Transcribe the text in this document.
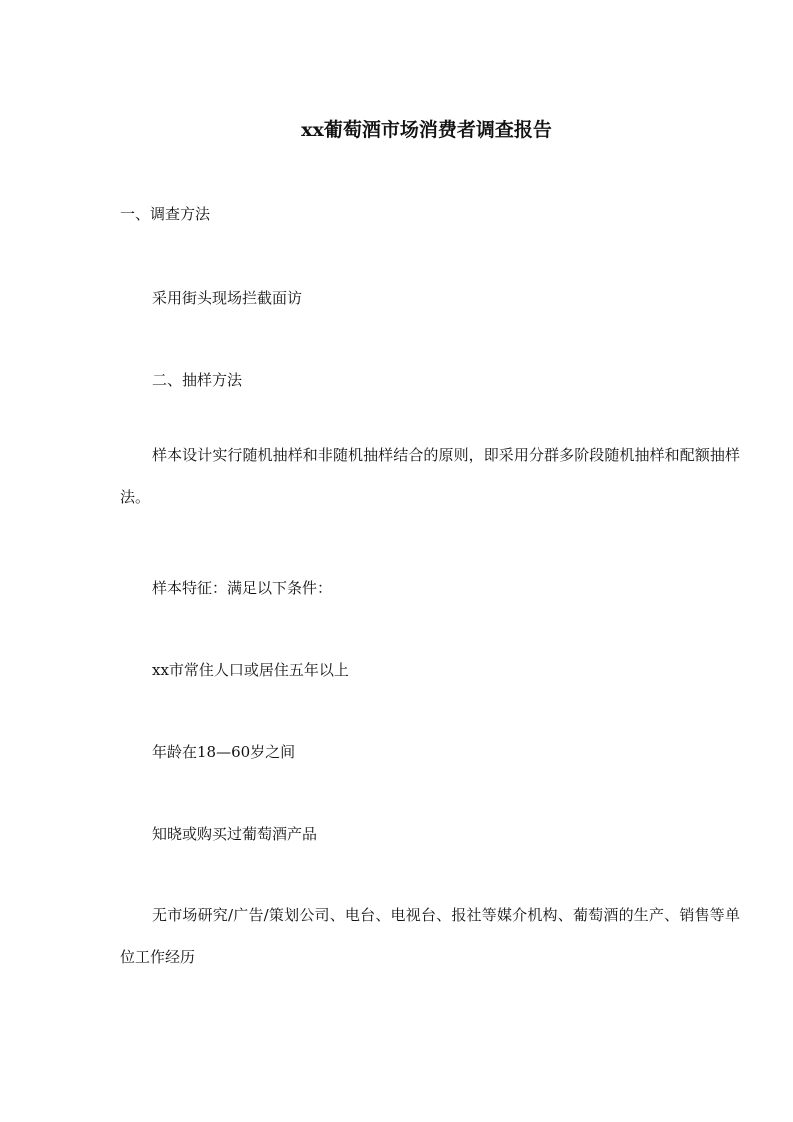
xx葡萄酒市场消费者调查报告
一、调查方法
采用街头现场拦截面访
二、抽样方法
样本设计实行随机抽样和非随机抽样结合的原则，即采用分群多阶段随机抽样和配额抽样法。
样本特征：满足以下条件：
xx市常住人口或居住五年以上
年龄在18—60岁之间
知晓或购买过葡萄酒产品
无市场研究/广告/策划公司、电台、电视台、报社等媒介机构、葡萄酒的生产、销售等单位工作经历
